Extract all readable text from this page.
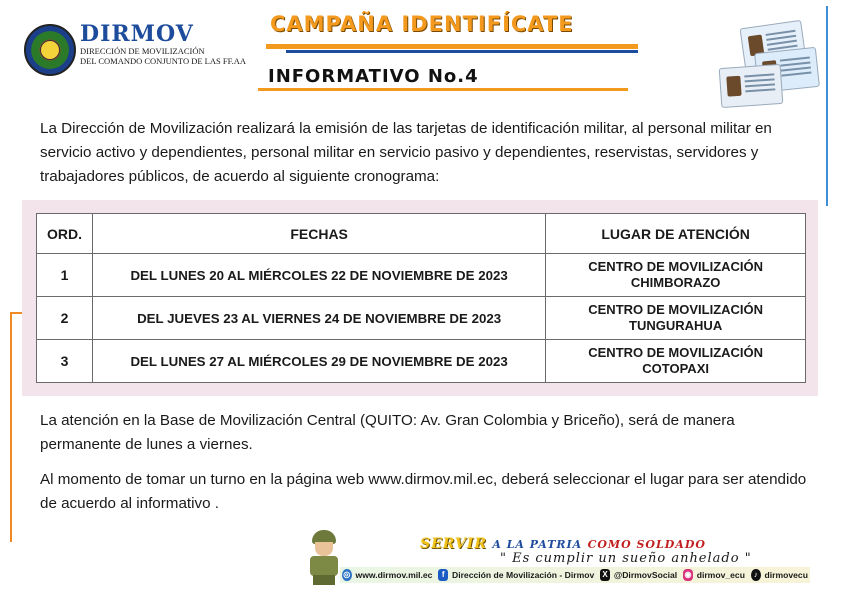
DIRMOV
DIRECCIÓN DE MOVILIZACIÓN
DEL COMANDO CONJUNTO DE LAS FF.AA
CAMPAÑA IDENTIFÍCATE
INFORMATIVO No.4

La Dirección de Movilización realizará la emisión de las tarjetas de identificación militar, al personal militar en servicio activo y dependientes, personal militar en servicio pasivo y dependientes, reservistas, servidores y trabajadores públicos, de acuerdo al siguiente cronograma:

ORD.	FECHAS	LUGAR DE ATENCIÓN
1	DEL LUNES 20 AL MIÉRCOLES 22 DE NOVIEMBRE DE 2023	CENTRO DE MOVILIZACIÓN
CHIMBORAZO

2	DEL JUEVES 23 AL VIERNES 24 DE NOVIEMBRE DE 2023	CENTRO DE MOVILIZACIÓN
TUNGURAHUA

3	DEL LUNES 27 AL MIÉRCOLES 29 DE NOVIEMBRE DE 2023	CENTRO DE MOVILIZACIÓN
COTOPAXI

La atención en la Base de Movilización Central (QUITO: Av. Gran Colombia y Briceño), será de manera permanente de lunes a viernes.

Al momento de tomar un turno en la página web www.dirmov.mil.ec, deberá seleccionar el lugar para ser atendido de acuerdo al informativo .

SERVIR A LA PATRIA COMO SOLDADO
" Es cumplir un sueño anhelado "
◎ www.dirmov.mil.ec	f Dirección de Movilización - Dirmov X @DirmovSocial ◉ dirmov_ecu	♪ dirmovecu
